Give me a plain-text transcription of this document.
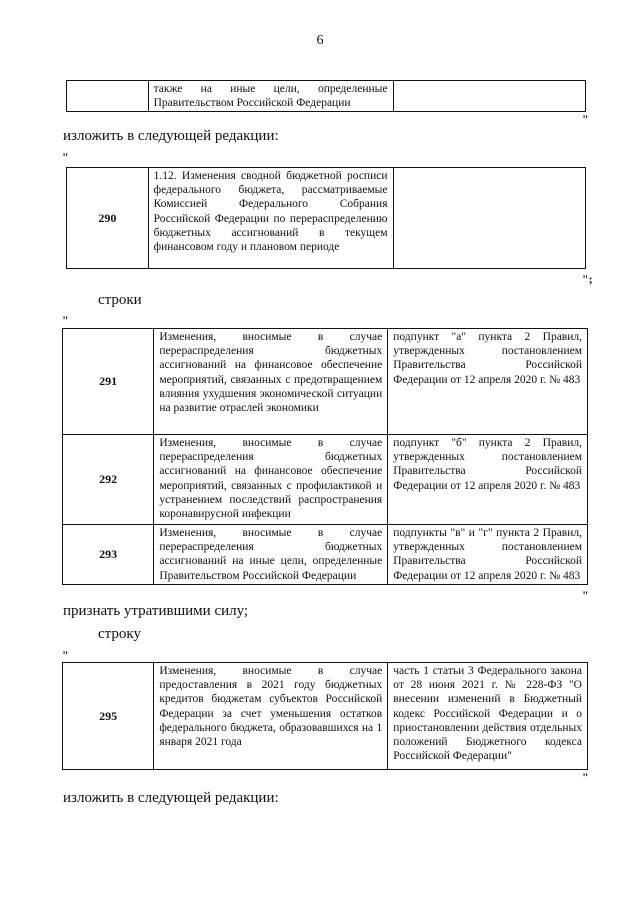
6
	также на иные цели, определенные Правительством Российской Федерации	
"
изложить в следующей редакции:
"
290	1.12. Изменения сводной бюджетной росписи федерального бюджета, рассматриваемые Комиссией Федерального Собрания Российской Федерации по перераспределению бюджетных ассигнований в текущем финансовом году и плановом периоде	
";
строки
"
291	Изменения, вносимые в случае перераспределения бюджетных ассигнований на финансовое обеспечение мероприятий, связанных с предотвращением влияния ухудшения экономической ситуации на развитие отраслей экономики	подпункт "а" пункта 2 Правил, утвержденных постановлением Правительства Российской Федерации от 12 апреля 2020 г. № 483
292	Изменения, вносимые в случае перераспределения бюджетных ассигнований на финансовое обеспечение мероприятий, связанных с профилактикой и устранением последствий распространения коронавирусной инфекции	подпункт "б" пункта 2 Правил, утвержденных постановлением Правительства Российской Федерации от 12 апреля 2020 г. № 483
293	Изменения, вносимые в случае перераспределения бюджетных ассигнований на иные цели, определенные Правительством Российской Федерации	подпункты "в" и "г" пункта 2 Правил, утвержденных постановлением Правительства Российской Федерации от 12 апреля 2020 г. № 483
"
признать утратившими силу;
строку
"
295	Изменения, вносимые в случае предоставления в 2021 году бюджетных кредитов бюджетам субъектов Российской Федерации за счет уменьшения остатков федерального бюджета, образовавшихся на 1 января 2021 года	часть 1 статьи 3 Федерального закона от 28 июня 2021 г. № 228-ФЗ "О внесении изменений в Бюджетный кодекс Российской Федерации и о приостановлении действия отдельных положений Бюджетного кодекса Российской Федерации"
"
изложить в следующей редакции:
